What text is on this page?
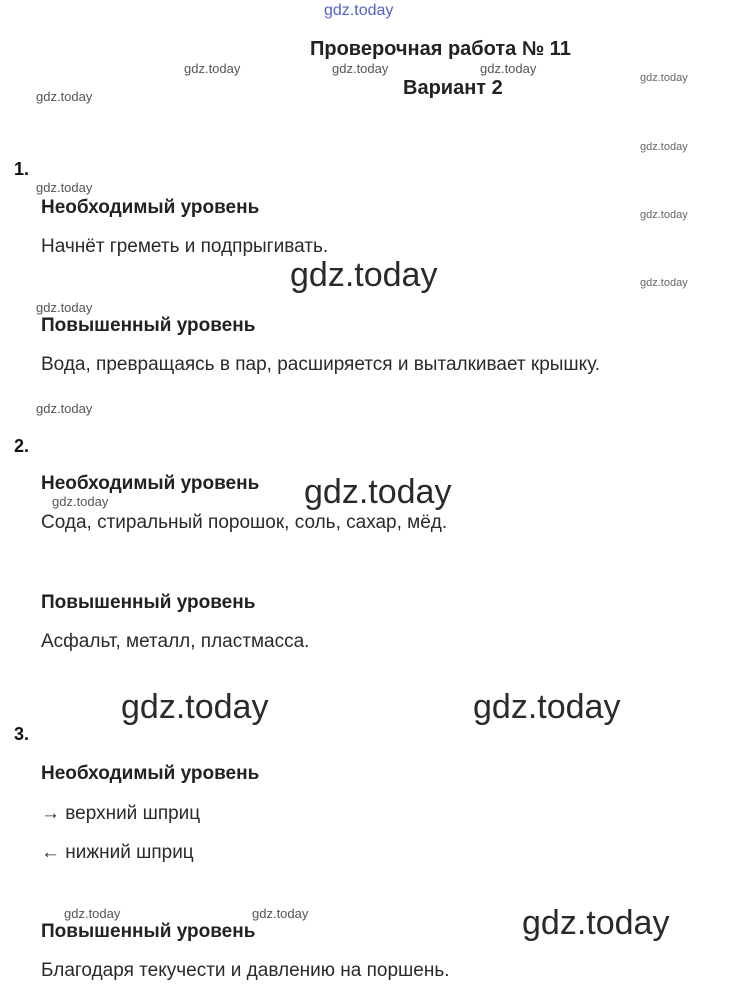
gdz.today
gdz.today	gdz.today	gdz.today
gdz.today
gdz.today
gdz.today
gdz.today
gdz.today
gdz.today	gdz.today
gdz.today
gdz.today
gdz.today
gdz.today
gdz.today	gdz.today
gdz.today	gdz.today	gdz.today
Проверочная работа № 11
Вариант 2
1.
Необходимый уровень
Начнёт греметь и подпрыгивать.
Повышенный уровень
Вода, превращаясь в пар, расширяется и выталкивает крышку.
2.
Необходимый уровень
Сода, стиральный порошок, соль, сахар, мёд.
Повышенный уровень
Асфальт, металл, пластмасса.
3.
Необходимый уровень
→ верхний шприц
← нижний шприц
Повышенный уровень
Благодаря текучести и давлению на поршень.
